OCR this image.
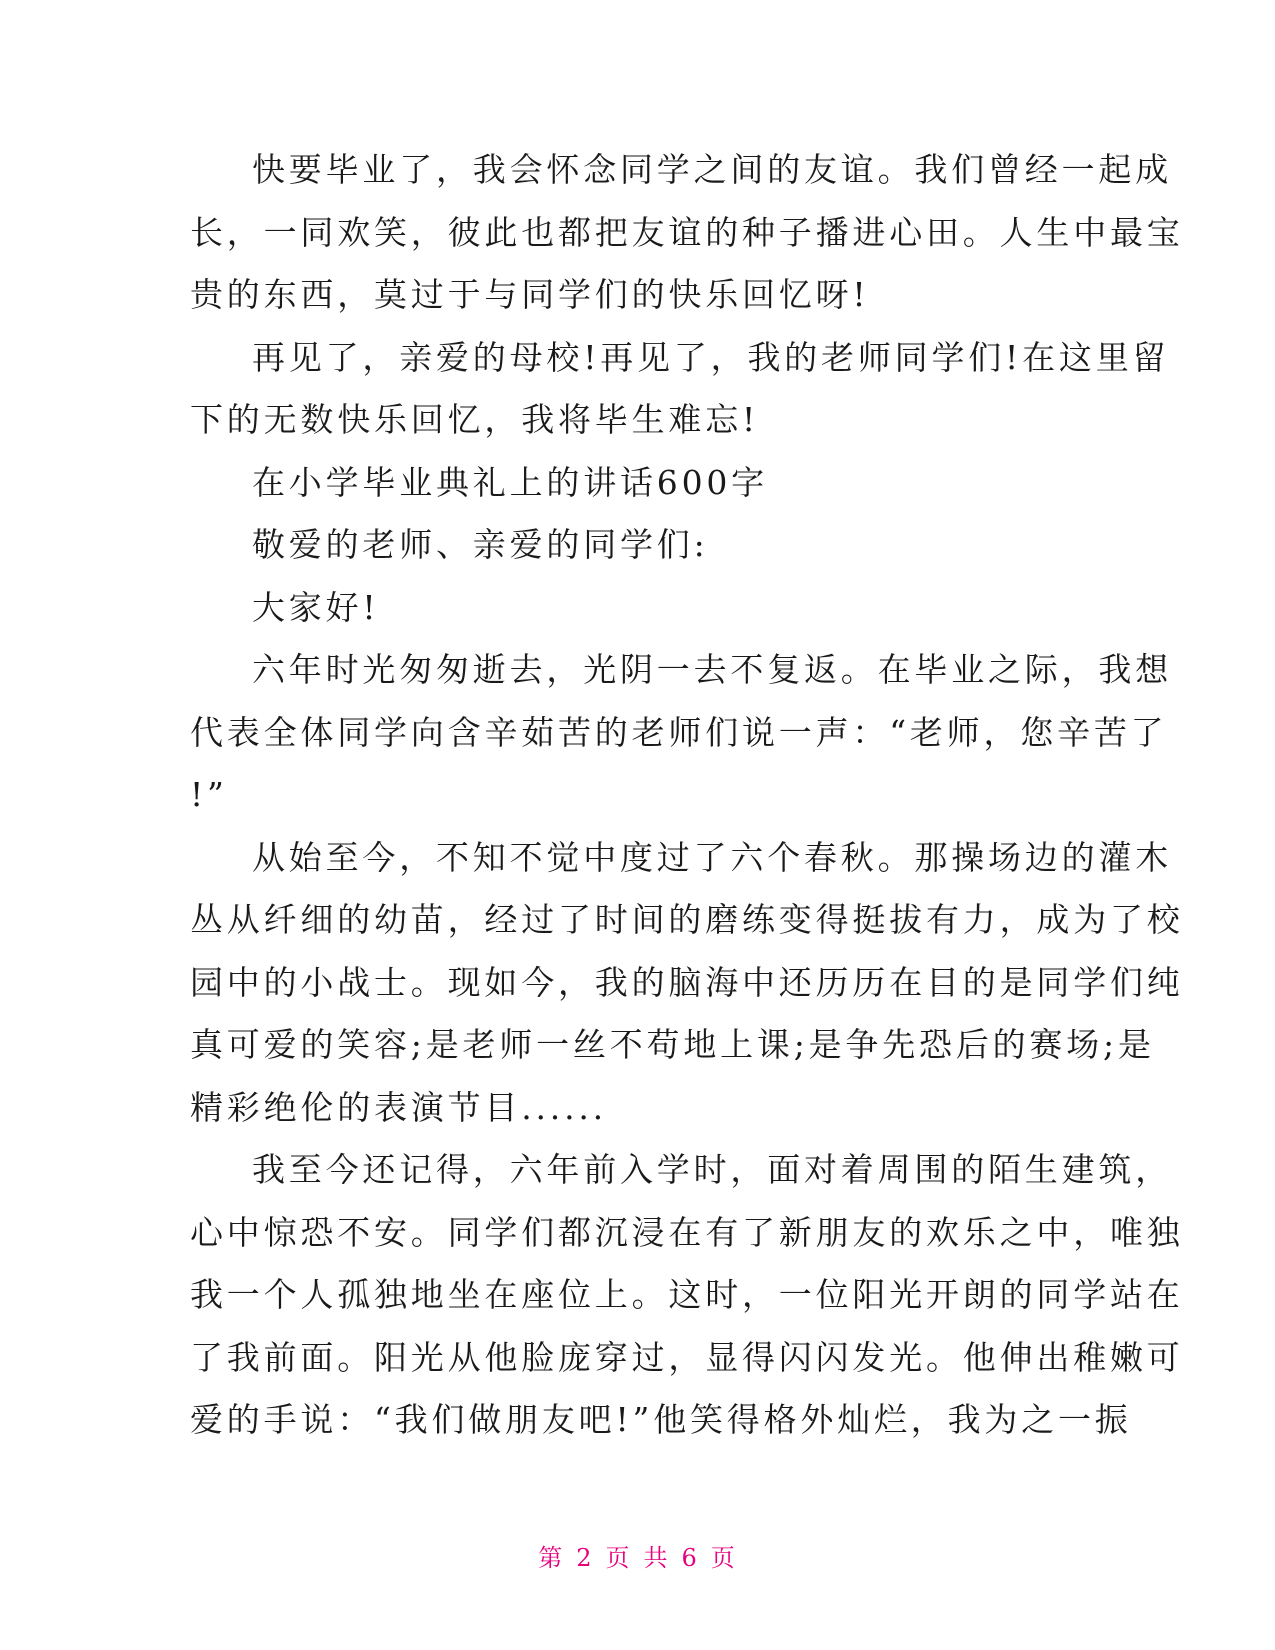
快要毕业了，我会怀念同学之间的友谊。我们曾经一起成
长，一同欢笑，彼此也都把友谊的种子播进心田。人生中最宝
贵的东西，莫过于与同学们的快乐回忆呀!
再见了，亲爱的母校!再见了，我的老师同学们!在这里留
下的无数快乐回忆，我将毕生难忘!
在小学毕业典礼上的讲话600字
敬爱的老师、亲爱的同学们:
大家好!
六年时光匆匆逝去，光阴一去不复返。在毕业之际，我想
代表全体同学向含辛茹苦的老师们说一声：“老师，您辛苦了
!”
从始至今，不知不觉中度过了六个春秋。那操场边的灌木
丛从纤细的幼苗，经过了时间的磨练变得挺拔有力，成为了校
园中的小战士。现如今，我的脑海中还历历在目的是同学们纯
真可爱的笑容;是老师一丝不苟地上课;是争先恐后的赛场;是
精彩绝伦的表演节目......
我至今还记得，六年前入学时，面对着周围的陌生建筑，
心中惊恐不安。同学们都沉浸在有了新朋友的欢乐之中，唯独
我一个人孤独地坐在座位上。这时，一位阳光开朗的同学站在
了我前面。阳光从他脸庞穿过，显得闪闪发光。他伸出稚嫩可
爱的手说：“我们做朋友吧!”他笑得格外灿烂，我为之一振
第 2 页 共 6 页
